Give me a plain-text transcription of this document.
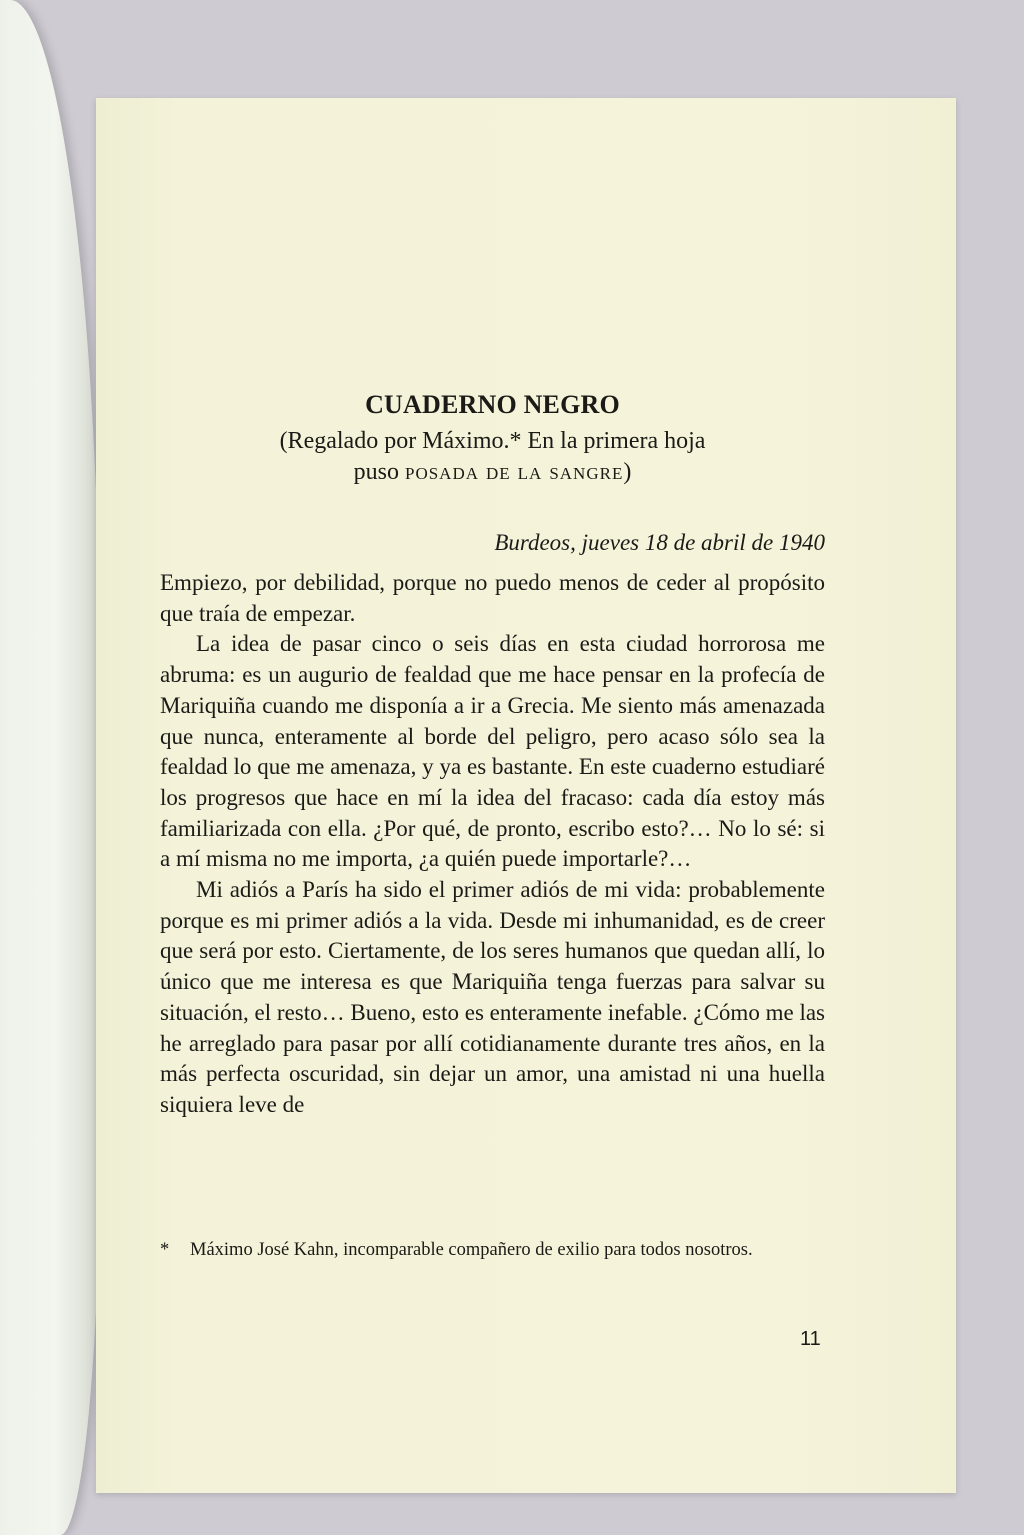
CUADERNO NEGRO

(Regalado por Máximo.* En la primera hoja

puso posada de la sangre)

Burdeos, jueves 18 de abril de 1940

Empiezo, por debilidad, porque no puedo menos de ceder al propósito que traía de empezar.

La idea de pasar cinco o seis días en esta ciudad horrorosa me abruma: es un augurio de fealdad que me hace pensar en la profecía de Mariquiña cuando me disponía a ir a Grecia. Me siento más amenazada que nunca, enteramente al borde del peligro, pero acaso sólo sea la fealdad lo que me amenaza, y ya es bastante. En este cuaderno estudiaré los progresos que hace en mí la idea del fracaso: cada día estoy más familiarizada con ella. ¿Por qué, de pronto, escribo esto?… No lo sé: si a mí misma no me importa, ¿a quién puede importarle?…

Mi adiós a París ha sido el primer adiós de mi vida: probablemente porque es mi primer adiós a la vida. Desde mi inhumanidad, es de creer que será por esto. Ciertamente, de los seres humanos que quedan allí, lo único que me interesa es que Mariquiña tenga fuerzas para salvar su situación, el resto… Bueno, esto es enteramente inefable. ¿Cómo me las he arreglado para pasar por allí cotidianamente durante tres años, en la más perfecta oscuridad, sin dejar un amor, una amistad ni una huella siquiera leve de

*	Máximo José Kahn, incomparable compañero de exilio para todos nosotros.
11
